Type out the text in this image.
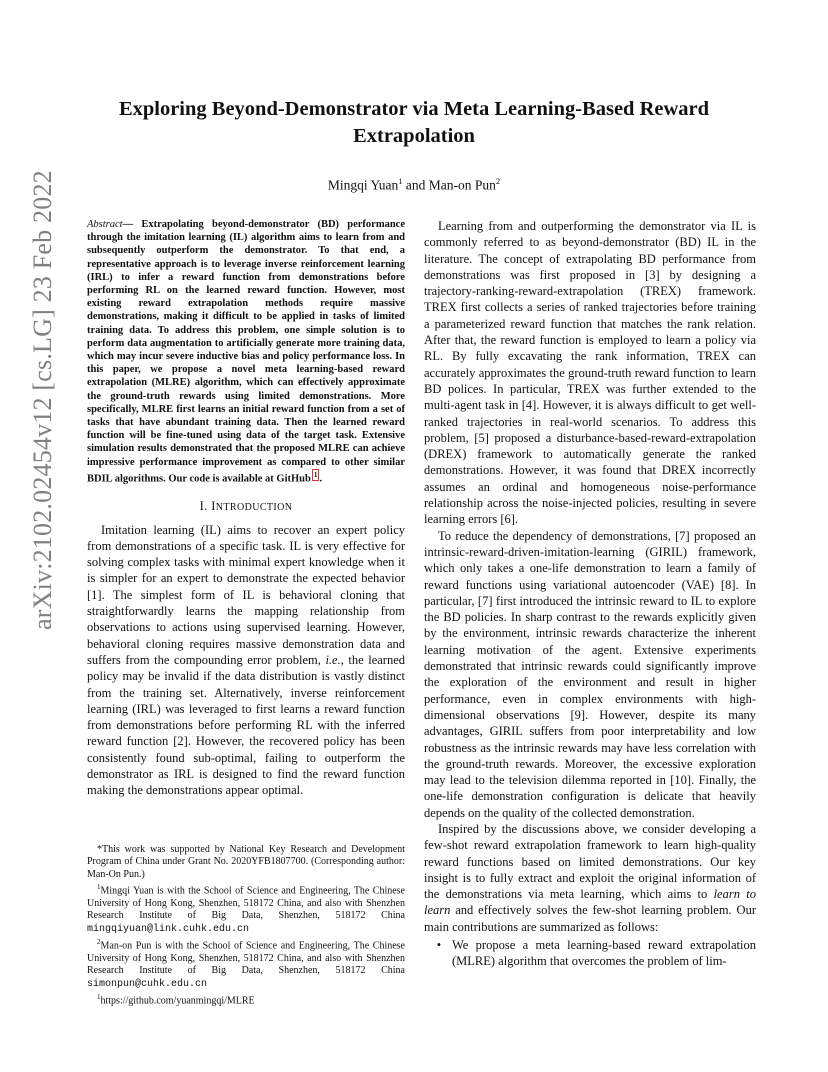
arXiv:2102.02454v12 [cs.LG] 23 Feb 2022
Exploring Beyond-Demonstrator via Meta Learning-Based Reward Extrapolation
Mingqi Yuan$^1$ and Man-on Pun$^2$

Abstract— Extrapolating beyond-demonstrator (BD) performance through the imitation learning (IL) algorithm aims to learn from and subsequently outperform the demonstrator. To that end, a representative approach is to leverage inverse reinforcement learning (IRL) to infer a reward function from demonstrations before performing RL on the learned reward function. However, most existing reward extrapolation methods require massive demonstrations, making it difficult to be applied in tasks of limited training data. To address this problem, one simple solution is to perform data augmentation to artificially generate more training data, which may incur severe inductive bias and policy performance loss. In this paper, we propose a novel meta learning-based reward extrapolation (MLRE) algorithm, which can effectively approximate the ground-truth rewards using limited demonstrations. More specifically, MLRE first learns an initial reward function from a set of tasks that have abundant training data. Then the learned reward function will be fine-tuned using data of the target task. Extensive simulation results demonstrated that the proposed MLRE can achieve impressive performance improvement as compared to other similar BDIL algorithms. Our code is available at GitHub 1 .

I. INTRODUCTION

Imitation learning (IL) aims to recover an expert policy from demonstrations of a specific task. IL is very effective for solving complex tasks with minimal expert knowledge when it is simpler for an expert to demonstrate the expected behavior [1]. The simplest form of IL is behavioral cloning that straightforwardly learns the mapping relationship from observations to actions using supervised learning. However, behavioral cloning requires massive demonstration data and suffers from the compounding error problem, i.e., the learned policy may be invalid if the data distribution is vastly distinct from the training set. Alternatively, inverse reinforcement learning (IRL) was leveraged to first learns a reward function from demonstrations before performing RL with the inferred reward function [2]. However, the recovered policy has been consistently found sub-optimal, failing to outperform the demonstrator as IRL is designed to find the reward function making the demonstrations appear optimal.

*This work was supported by National Key Research and Development Program of China under Grant No. 2020YFB1807700. (Corresponding author: Man-On Pun.)

$^1$Mingqi Yuan is with the School of Science and Engineering, The Chinese University of Hong Kong, Shenzhen, 518172 China, and also with Shenzhen Research Institute of Big Data, Shenzhen, 518172 China mingqiyuan@link.cuhk.edu.cn

$^2$Man-on Pun is with the School of Science and Engineering, The Chinese University of Hong Kong, Shenzhen, 518172 China, and also with Shenzhen Research Institute of Big Data, Shenzhen, 518172 China simonpun@cuhk.edu.cn

$^1$https://github.com/yuanmingqi/MLRE

Learning from and outperforming the demonstrator via IL is commonly referred to as beyond-demonstrator (BD) IL in the literature. The concept of extrapolating BD performance from demonstrations was first proposed in [3] by designing a trajectory-ranking-reward-extrapolation (TREX) framework. TREX first collects a series of ranked trajectories before training a parameterized reward function that matches the rank relation. After that, the reward function is employed to learn a policy via RL. By fully excavating the rank information, TREX can accurately approximates the ground-truth reward function to learn BD polices. In particular, TREX was further extended to the multi-agent task in [4]. However, it is always difficult to get well-ranked trajectories in real-world scenarios. To address this problem, [5] proposed a disturbance-based-reward-extrapolation (DREX) framework to automatically generate the ranked demonstrations. However, it was found that DREX incorrectly assumes an ordinal and homogeneous noise-performance relationship across the noise-injected policies, resulting in severe learning errors [6].

To reduce the dependency of demonstrations, [7] proposed an intrinsic-reward-driven-imitation-learning (GIRIL) framework, which only takes a one-life demonstration to learn a family of reward functions using variational autoencoder (VAE) [8]. In particular, [7] first introduced the intrinsic reward to IL to explore the BD policies. In sharp contrast to the rewards explicitly given by the environment, intrinsic rewards characterize the inherent learning motivation of the agent. Extensive experiments demonstrated that intrinsic rewards could significantly improve the exploration of the environment and result in higher performance, even in complex environments with high-dimensional observations [9]. However, despite its many advantages, GIRIL suffers from poor interpretability and low robustness as the intrinsic rewards may have less correlation with the ground-truth rewards. Moreover, the excessive exploration may lead to the television dilemma reported in [10]. Finally, the one-life demonstration configuration is delicate that heavily depends on the quality of the collected demonstration.

Inspired by the discussions above, we consider developing a few-shot reward extrapolation framework to learn high-quality reward functions based on limited demonstrations. Our key insight is to fully extract and exploit the original information of the demonstrations via meta learning, which aims to learn to learn and effectively solves the few-shot learning problem. Our main contributions are summarized as follows:

• We propose a meta learning-based reward extrapolation (MLRE) algorithm that overcomes the problem of lim-
